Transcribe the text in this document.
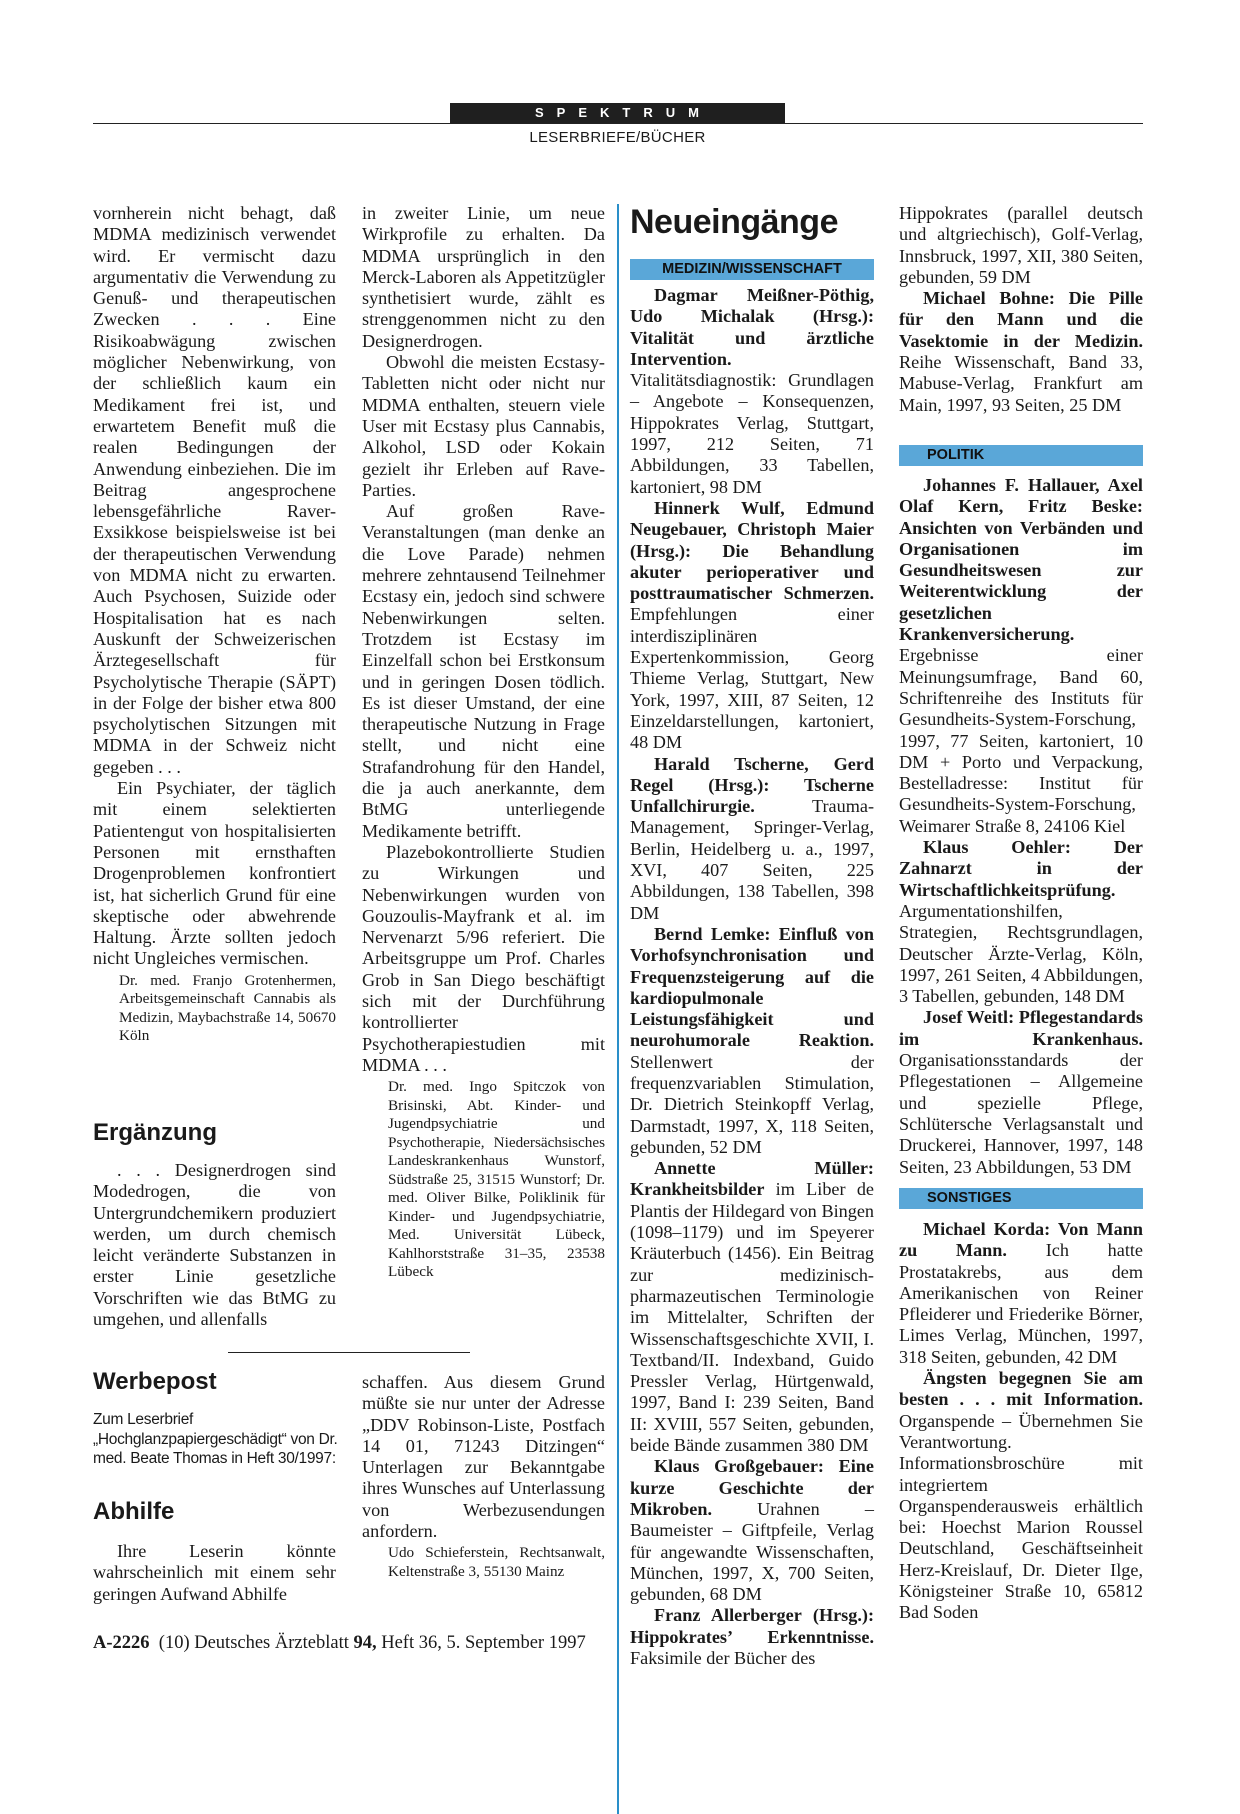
SPEKTRUM
LESERBRIEFE/BÜCHER

vornherein nicht behagt, daß MDMA medizinisch verwendet wird. Er vermischt dazu argumentativ die Verwendung zu Genuß- und therapeutischen Zwecken . . . Eine Risikoabwägung zwischen möglicher Nebenwirkung, von der schließlich kaum ein Medikament frei ist, und erwartetem Benefit muß die realen Bedingungen der Anwendung einbeziehen. Die im Beitrag angesprochene lebensgefährliche Raver-Exsikkose beispielsweise ist bei der therapeutischen Verwendung von MDMA nicht zu erwarten. Auch Psychosen, Suizide oder Hospitalisation hat es nach Auskunft der Schweizerischen Ärztegesellschaft für Psycholytische Therapie (SÄPT) in der Folge der bisher etwa 800 psycholytischen Sitzungen mit MDMA in der Schweiz nicht gegeben . . .

Ein Psychiater, der täglich mit einem selektierten Patientengut von hospitalisierten Personen mit ernsthaften Drogenproblemen konfrontiert ist, hat sicherlich Grund für eine skeptische oder abwehrende Haltung. Ärzte sollten jedoch nicht Ungleiches vermischen.

Dr. med. Franjo Grotenhermen, Arbeitsgemeinschaft Cannabis als Medizin, Maybachstraße 14, 50670 Köln

Ergänzung

. . . Designerdrogen sind Modedrogen, die von Untergrundchemikern produziert werden, um durch chemisch leicht veränderte Substanzen in erster Linie gesetzliche Vorschriften wie das BtMG zu umgehen, und allenfalls

in zweiter Linie, um neue Wirkprofile zu erhalten. Da MDMA ursprünglich in den Merck-Laboren als Appetitzügler synthetisiert wurde, zählt es strenggenommen nicht zu den Designerdrogen.

Obwohl die meisten Ecstasy-Tabletten nicht oder nicht nur MDMA enthalten, steuern viele User mit Ecstasy plus Cannabis, Alkohol, LSD oder Kokain gezielt ihr Erleben auf Rave-Parties.

Auf großen Rave-Veranstaltungen (man denke an die Love Parade) nehmen mehrere zehntausend Teilnehmer Ecstasy ein, jedoch sind schwere Nebenwirkungen selten. Trotzdem ist Ecstasy im Einzelfall schon bei Erstkonsum und in geringen Dosen tödlich. Es ist dieser Umstand, der eine therapeutische Nutzung in Frage stellt, und nicht eine Strafandrohung für den Handel, die ja auch anerkannte, dem BtMG unterliegende Medikamente betrifft.

Plazebokontrollierte Studien zu Wirkungen und Nebenwirkungen wurden von Gouzoulis-Mayfrank et al. im Nervenarzt 5/96 referiert. Die Arbeitsgruppe um Prof. Charles Grob in San Diego beschäftigt sich mit der Durchführung kontrollierter Psychotherapiestudien mit MDMA . . .

Dr. med. Ingo Spitczok von Brisinski, Abt. Kinder- und Jugendpsychiatrie und Psychotherapie, Niedersächsisches Landeskrankenhaus Wunstorf, Südstraße 25, 31515 Wunstorf; Dr. med. Oliver Bilke, Poliklinik für Kinder- und Jugendpsychiatrie, Med. Universität Lübeck, Kahlhorststraße 31–35, 23538 Lübeck

Werbepost
Zum Leserbrief „Hochglanzpapiergeschädigt“ von Dr. med. Beate Thomas in Heft 30/1997:
Abhilfe

Ihre Leserin könnte wahrscheinlich mit einem sehr geringen Aufwand Abhilfe

schaffen. Aus diesem Grund müßte sie nur unter der Adresse „DDV Robinson-Liste, Postfach 14 01, 71243 Ditzingen“ Unterlagen zur Bekanntgabe ihres Wunsches auf Unterlassung von Werbezusendungen anfordern.

Udo Schieferstein, Rechtsanwalt, Keltenstraße 3, 55130 Mainz

Neueingänge
MEDIZIN/WISSENSCHAFT

Dagmar Meißner-Pöthig, Udo Michalak (Hrsg.): Vitalität und ärztliche Intervention. Vitalitätsdiagnostik: Grundlagen – Angebote – Konsequenzen, Hippokrates Verlag, Stuttgart, 1997, 212 Seiten, 71 Abbildungen, 33 Tabellen, kartoniert, 98 DM

Hinnerk Wulf, Edmund Neugebauer, Christoph Maier (Hrsg.): Die Behandlung akuter perioperativer und posttraumatischer Schmerzen. Empfehlungen einer interdisziplinären Expertenkommission, Georg Thieme Verlag, Stuttgart, New York, 1997, XIII, 87 Seiten, 12 Einzeldarstellungen, kartoniert, 48 DM

Harald Tscherne, Gerd Regel (Hrsg.): Tscherne Unfallchirurgie. Trauma-Management, Springer-Verlag, Berlin, Heidelberg u. a., 1997, XVI, 407 Seiten, 225 Abbildungen, 138 Tabellen, 398 DM

Bernd Lemke: Einfluß von Vorhofsynchronisation und Frequenzsteigerung auf die kardiopulmonale Leistungsfähigkeit und neurohumorale Reaktion. Stellenwert der frequenzvariablen Stimulation, Dr. Dietrich Steinkopff Verlag, Darmstadt, 1997, X, 118 Seiten, gebunden, 52 DM

Annette Müller: Krankheitsbilder im Liber de Plantis der Hildegard von Bingen (1098–1179) und im Speyerer Kräuterbuch (1456). Ein Beitrag zur medizinisch-pharmazeutischen Terminologie im Mittelalter, Schriften der Wissenschaftsgeschichte XVII, I. Textband/II. Indexband, Guido Pressler Verlag, Hürtgenwald, 1997, Band I: 239 Seiten, Band II: XVIII, 557 Seiten, gebunden, beide Bände zusammen 380 DM

Klaus Großgebauer: Eine kurze Geschichte der Mikroben. Urahnen – Baumeister – Giftpfeile, Verlag für angewandte Wissenschaften, München, 1997, X, 700 Seiten, gebunden, 68 DM

Franz Allerberger (Hrsg.): Hippokrates’ Erkenntnisse. Faksimile der Bücher des

Hippokrates (parallel deutsch und altgriechisch), Golf-Verlag, Innsbruck, 1997, XII, 380 Seiten, gebunden, 59 DM

Michael Bohne: Die Pille für den Mann und die Vasektomie in der Medizin. Reihe Wissenschaft, Band 33, Mabuse-Verlag, Frankfurt am Main, 1997, 93 Seiten, 25 DM

POLITIK

Johannes F. Hallauer, Axel Olaf Kern, Fritz Beske: Ansichten von Verbänden und Organisationen im Gesundheitswesen zur Weiterentwicklung der gesetzlichen Krankenversicherung. Ergebnisse einer Meinungsumfrage, Band 60, Schriftenreihe des Instituts für Gesundheits-System-Forschung, 1997, 77 Seiten, kartoniert, 10 DM + Porto und Verpackung, Bestelladresse: Institut für Gesundheits-System-Forschung, Weimarer Straße 8, 24106 Kiel

Klaus Oehler: Der Zahnarzt in der Wirtschaftlichkeitsprüfung. Argumentationshilfen, Strategien, Rechtsgrundlagen, Deutscher Ärzte-Verlag, Köln, 1997, 261 Seiten, 4 Abbildungen, 3 Tabellen, gebunden, 148 DM

Josef Weitl: Pflegestandards im Krankenhaus. Organisationsstandards der Pflegestationen – Allgemeine und spezielle Pflege, Schlütersche Verlagsanstalt und Druckerei, Hannover, 1997, 148 Seiten, 23 Abbildungen, 53 DM

SONSTIGES

Michael Korda: Von Mann zu Mann. Ich hatte Prostatakrebs, aus dem Amerikanischen von Reiner Pfleiderer und Friederike Börner, Limes Verlag, München, 1997, 318 Seiten, gebunden, 42 DM

Ängsten begegnen Sie am besten . . . mit Information. Organspende – Übernehmen Sie Verantwortung. Informationsbroschüre mit integriertem Organspenderausweis erhältlich bei: Hoechst Marion Roussel Deutschland, Geschäftseinheit Herz-Kreislauf, Dr. Dieter Ilge, Königsteiner Straße 10, 65812 Bad Soden

A-2226 (10) Deutsches Ärzteblatt 94, Heft 36, 5. September 1997
